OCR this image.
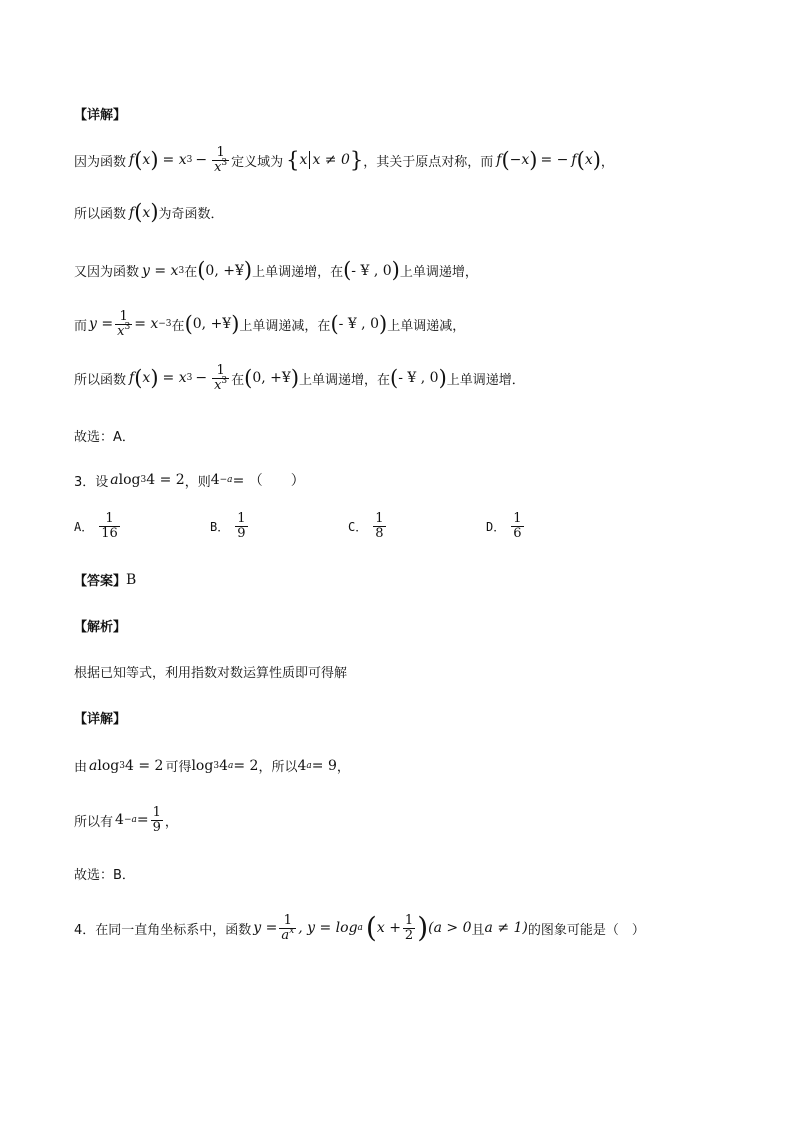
【详解】
因为函数 f ( x ) = x $3 - \frac{1}{x^3}$ 定义域为 { x x ≠ 0 } ，其关于原点对称，而 f ( −x ) = − f ( x ) ，
所以函数 f ( x ) 为奇函数．
又因为函数 y = x 3 在 ( 0, +¥ ) 上单调递增，在 ( - ¥ , 0 ) 上单调递增，
而 $y = \frac{1}{x^3} = x -3$ 在 ( 0, +¥ ) 上单调递减，在 ( - ¥ , 0 ) 上单调递减，
所以函数 f ( x ) = x $3 - \frac{1}{x^3}$ 在 ( 0, +¥ ) 上单调递增，在 ( - ¥ , 0 ) 上单调递增．
故选：A．
3．设 a log 3 4 = 2 ，则 4 −a = （　　）
A． $\frac{1}{16}$	B． $\frac{1}{9}$	C． $\frac{1}{8}$	D． $\frac{1}{6}$
【答案】 B
【解析】
根据已知等式，利用指数对数运算性质即可得解
【详解】
由 a log 3 4 = 2 可得 log 3 4 a = 2 ，所以 4 a = 9 ，
所以有 $4 -a = \frac{1}{9}$ ，
故选：B．
4．在同一直角坐标系中，函数 $y = \frac{1}{a^x}$ , y = log a ( $x + \frac{1}{2}$ ) (a > 0 且 a ≠ 1) 的图象可能是（　）
